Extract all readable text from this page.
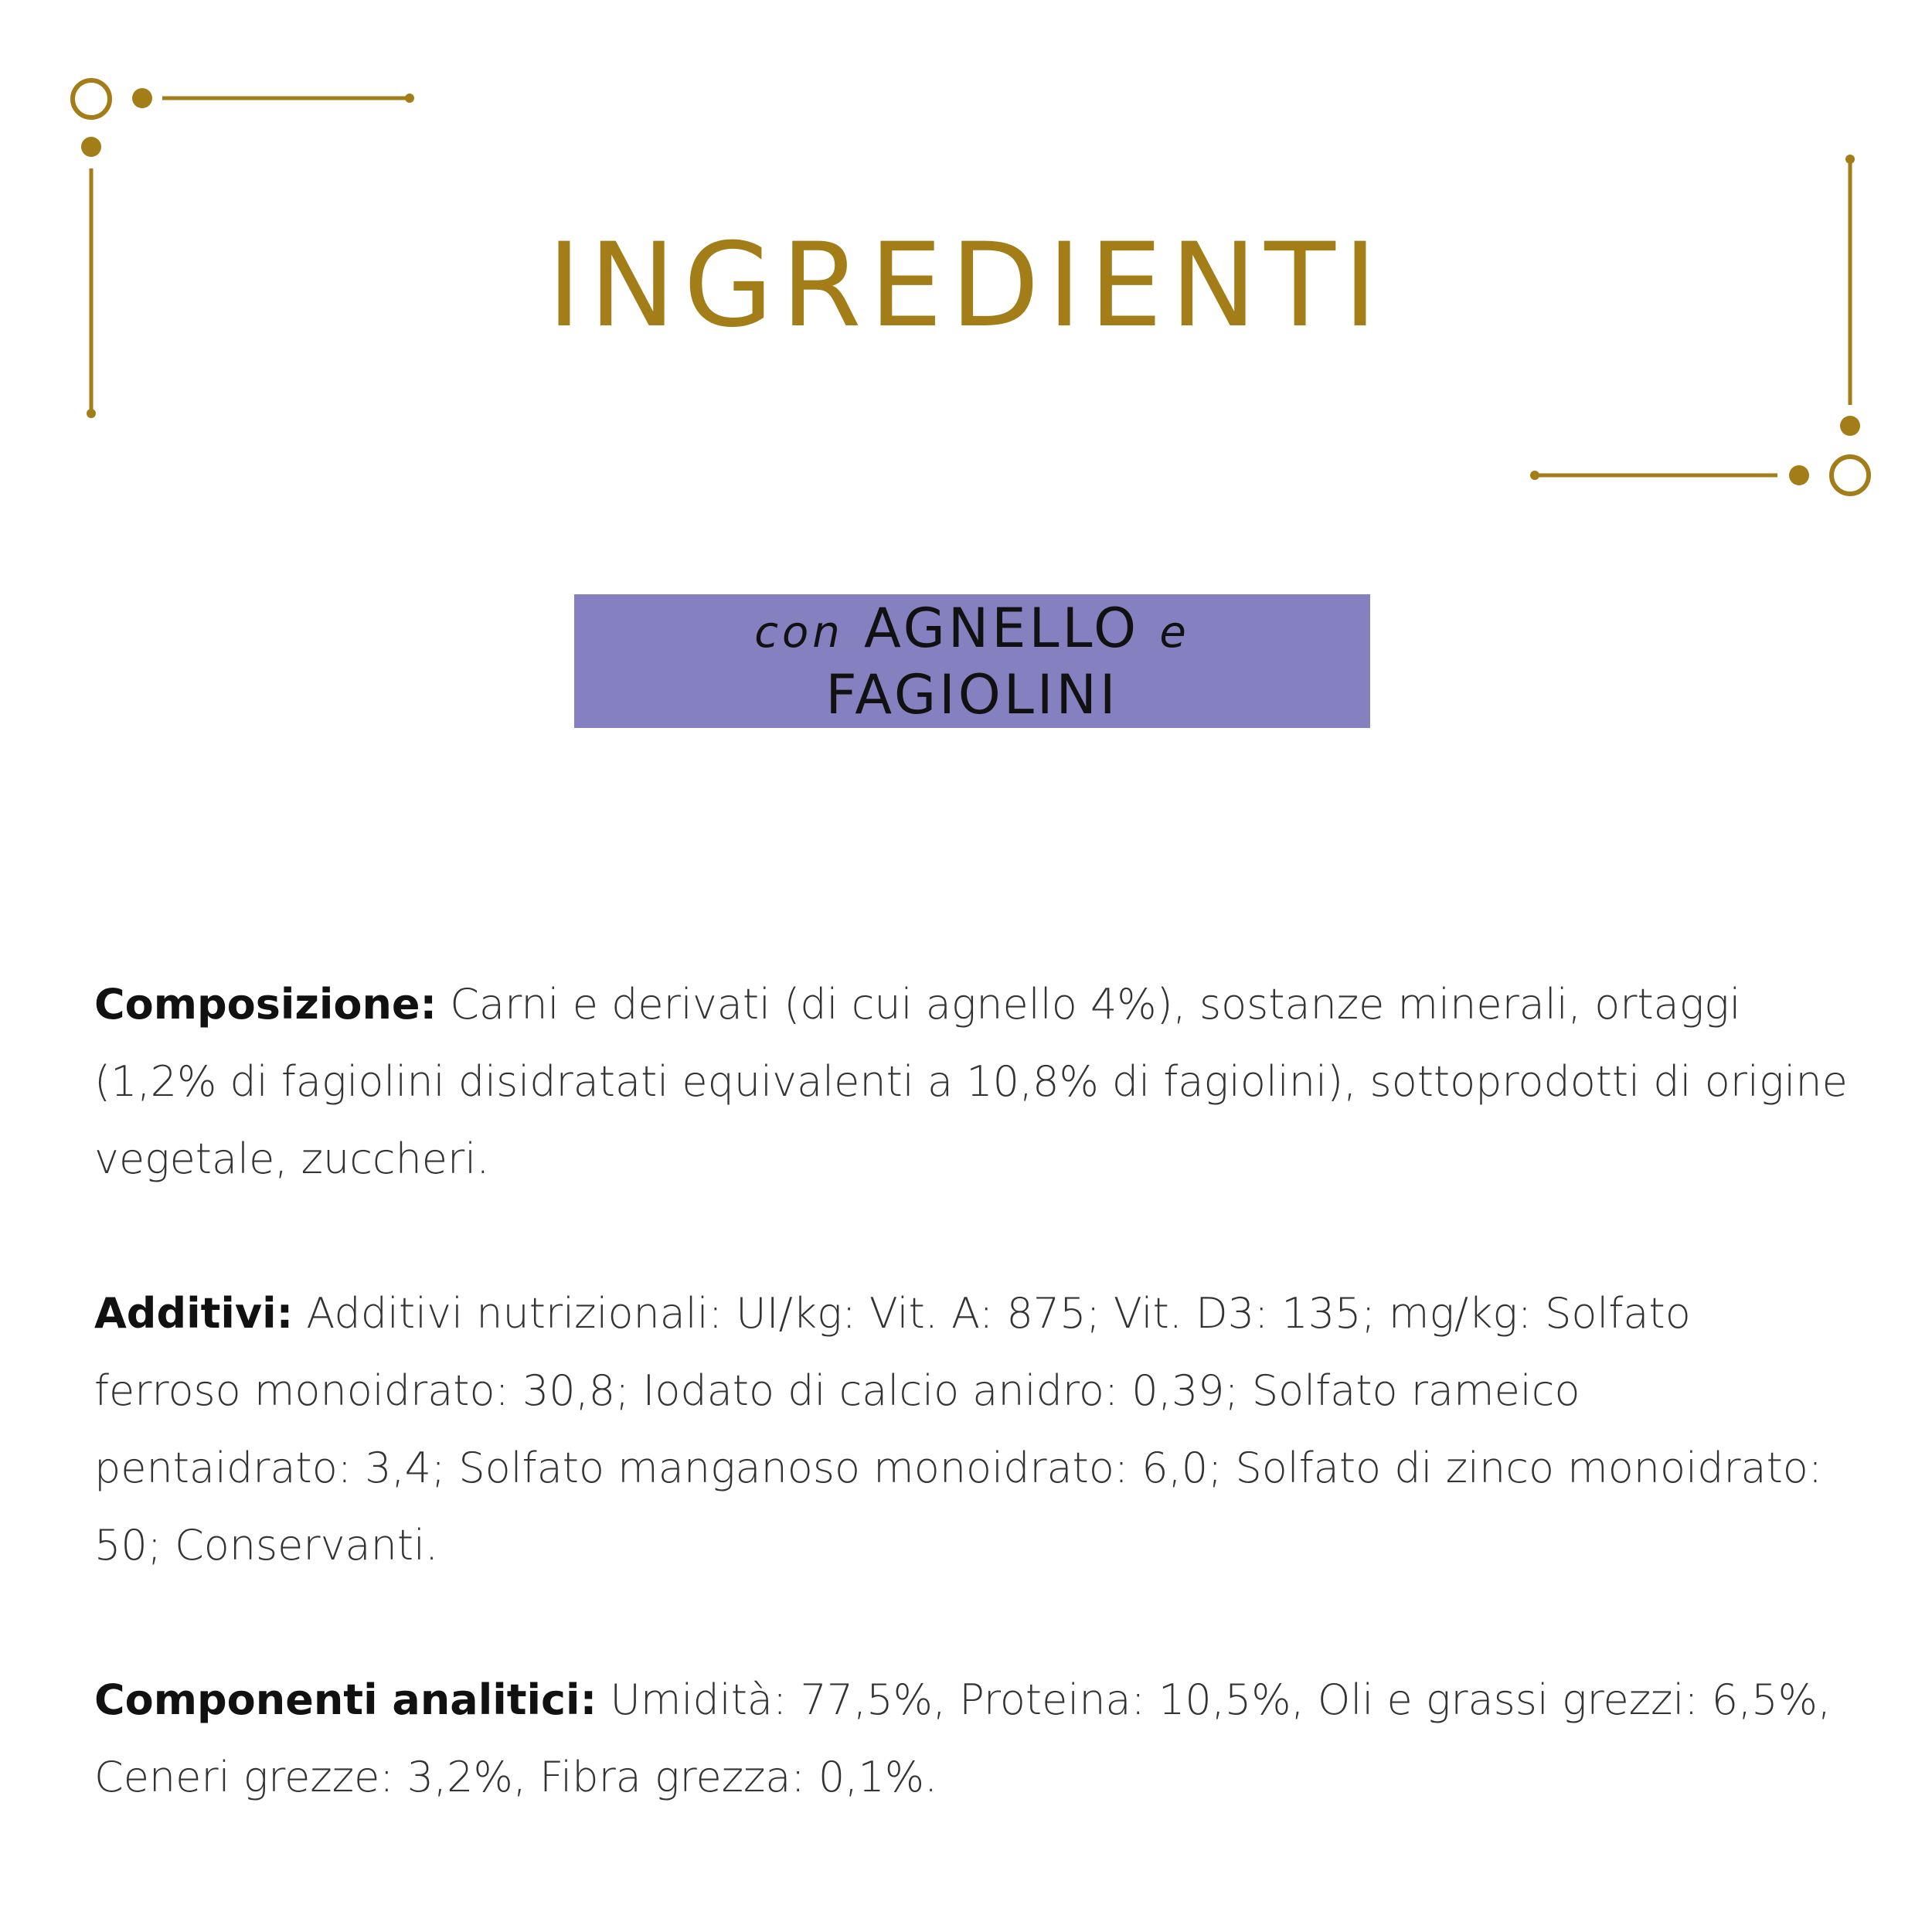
INGREDIENTI
con AGNELLO e
FAGIOLINI

Composizione: Carni e derivati (di cui agnello 4%), sostanze minerali, ortaggi (1,2% di fagiolini disidratati equivalenti a 10,8% di fagiolini), sottoprodotti di origine vegetale, zuccheri.

Additivi: Additivi nutrizionali: UI/kg: Vit. A: 875; Vit. D3: 135; mg/kg: Solfato ferroso monoidrato: 30,8; Iodato di calcio anidro: 0,39; Solfato rameico pentaidrato: 3,4; Solfato manganoso monoidrato: 6,0; Solfato di zinco monoidrato: 50; Conservanti.

Componenti analitici: Umidità: 77,5%, Proteina: 10,5%, Oli e grassi grezzi: 6,5%, Ceneri grezze: 3,2%, Fibra grezza: 0,1%.
